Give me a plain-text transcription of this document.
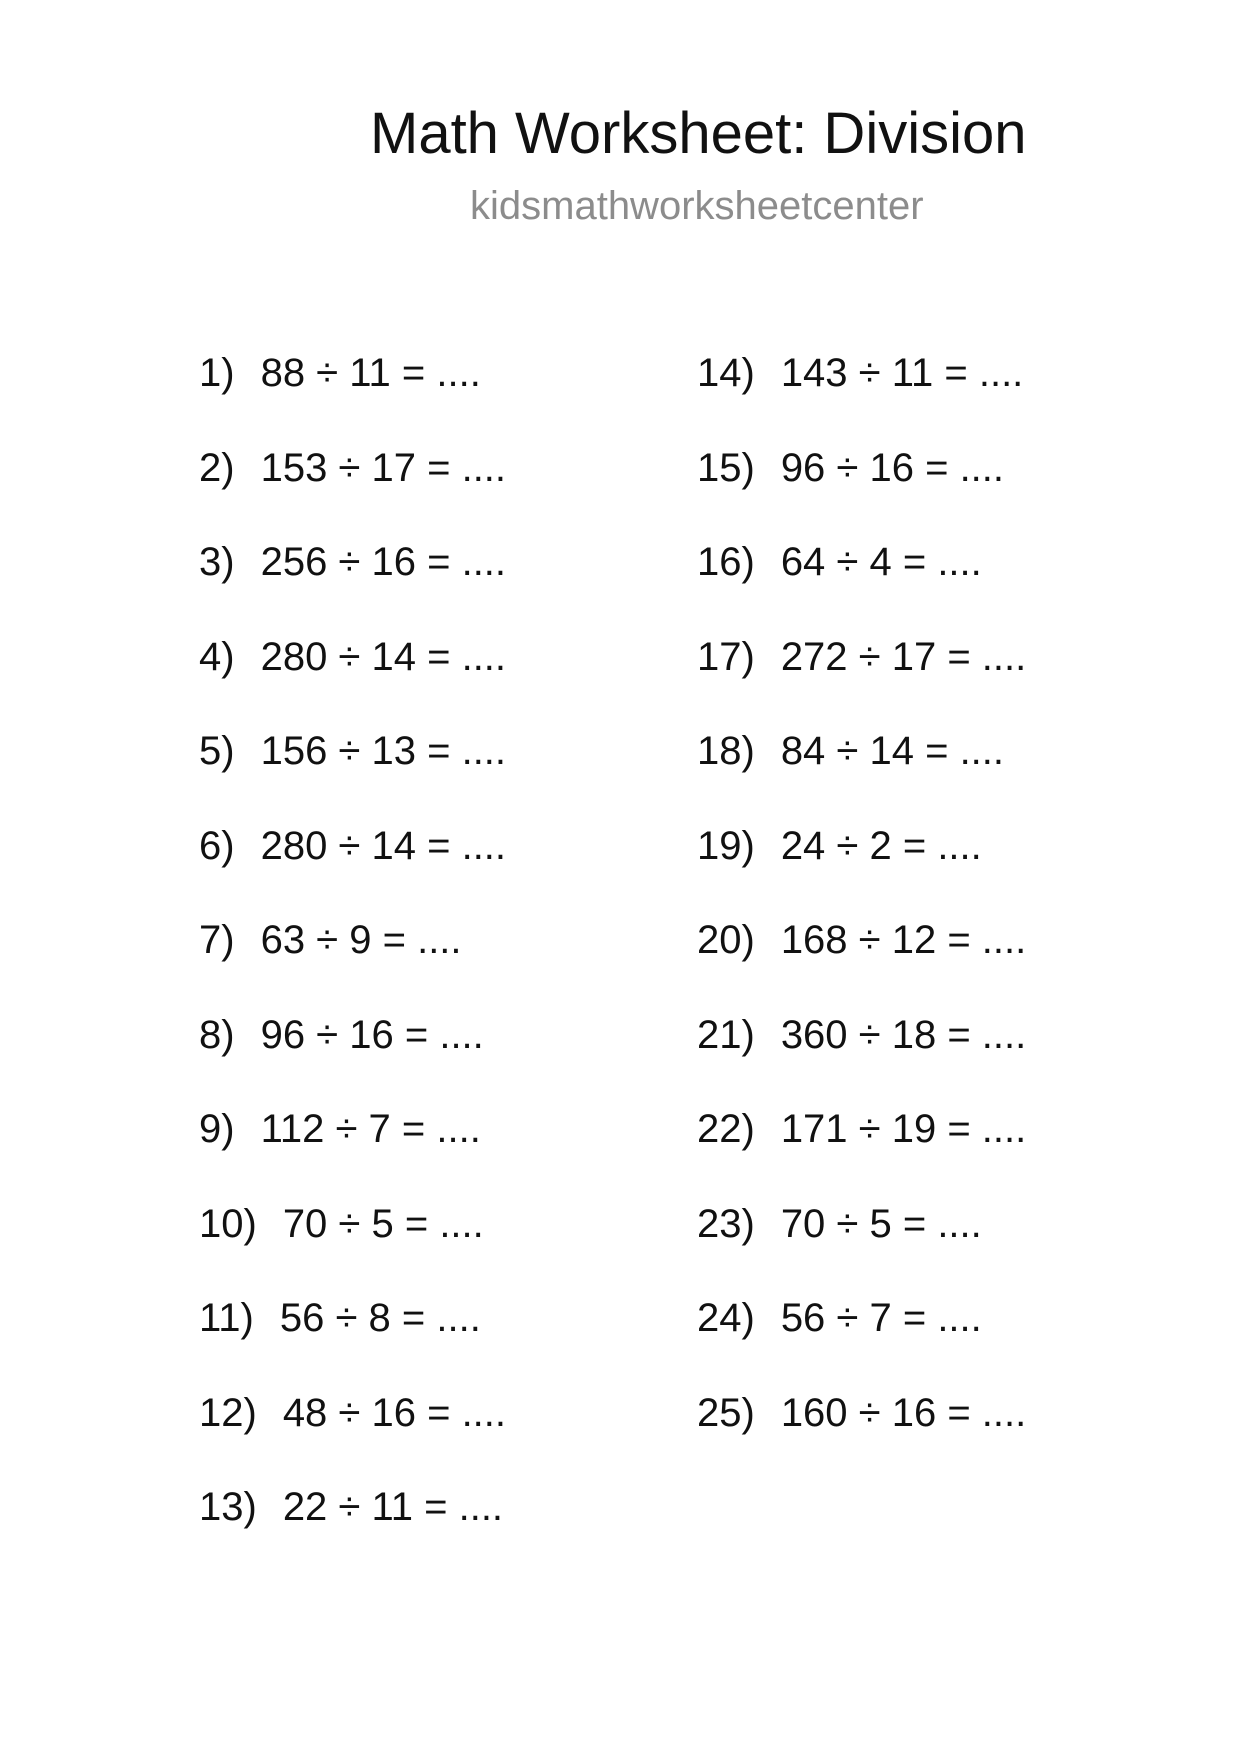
Math Worksheet: Division
kidsmathworksheetcenter
1) 88 ÷ 11 = ....
2) 153 ÷ 17 = ....
3) 256 ÷ 16 = ....
4) 280 ÷ 14 = ....
5) 156 ÷ 13 = ....
6) 280 ÷ 14 = ....
7) 63 ÷ 9 = ....
8) 96 ÷ 16 = ....
9) 112 ÷ 7 = ....
10) 70 ÷ 5 = ....
11) 56 ÷ 8 = ....
12) 48 ÷ 16 = ....
13) 22 ÷ 11 = ....
14) 143 ÷ 11 = ....
15) 96 ÷ 16 = ....
16) 64 ÷ 4 = ....
17) 272 ÷ 17 = ....
18) 84 ÷ 14 = ....
19) 24 ÷ 2 = ....
20) 168 ÷ 12 = ....
21) 360 ÷ 18 = ....
22) 171 ÷ 19 = ....
23) 70 ÷ 5 = ....
24) 56 ÷ 7 = ....
25) 160 ÷ 16 = ....
